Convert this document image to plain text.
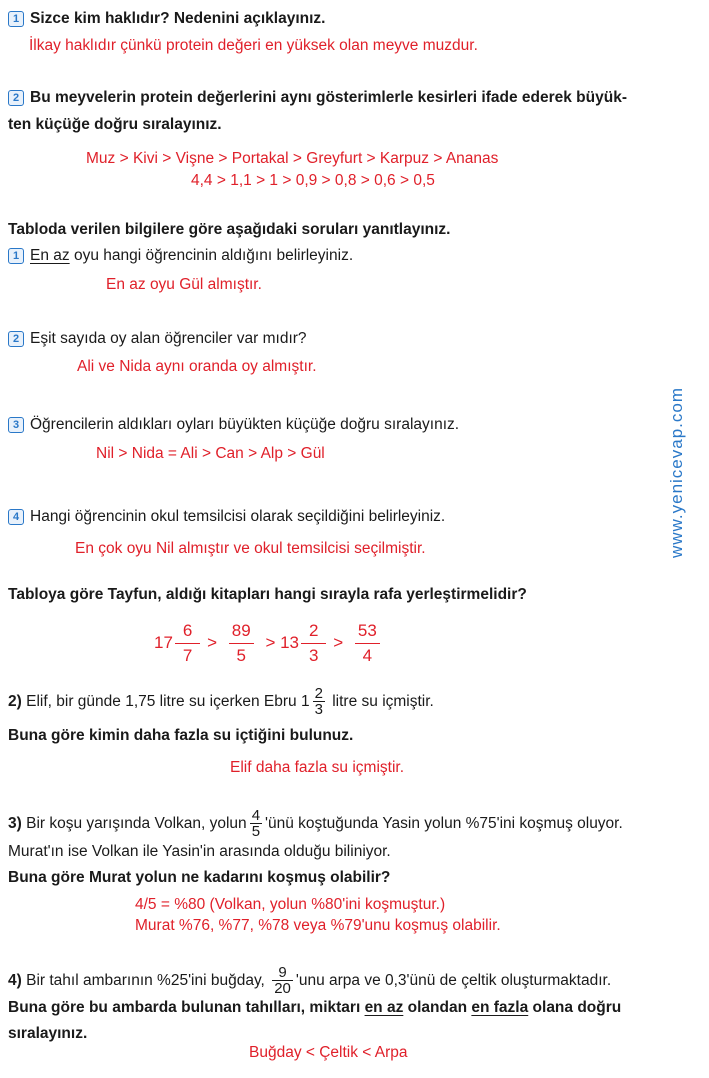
1 Sizce kim haklıdır? Nedenini açıklayınız.
İlkay haklıdır çünkü protein değeri en yüksek olan meyve muzdur.
2 Bu meyvelerin protein değerlerini aynı gösterimlerle kesirleri ifade ederek büyük-
ten küçüğe doğru sıralayınız.
Muz > Kivi > Vişne > Portakal > Greyfurt > Karpuz > Ananas
4,4 > 1,1 > 1 > 0,9 > 0,8 > 0,6 > 0,5
Tabloda verilen bilgilere göre aşağıdaki soruları yanıtlayınız.
1 En az oyu hangi öğrencinin aldığını belirleyiniz.
En az oyu Gül almıştır.
2 Eşit sayıda oy alan öğrenciler var mıdır?
Ali ve Nida aynı oranda oy almıştır.
3 Öğrencilerin aldıkları oyları büyükten küçüğe doğru sıralayınız.
Nil > Nida = Ali > Can > Alp > Gül
4 Hangi öğrencinin okul temsilcisi olarak seçildiğini belirleyiniz.
En çok oyu Nil almıştır ve okul temsilcisi seçilmiştir.
Tabloya göre Tayfun, aldığı kitapları hangi sırayla rafa yerleştirmelidir?
$17 \frac{6}{7} > \frac{89}{5} > 13 \frac{2}{3} > \frac{53}{4}$
2) Elif, bir günde 1,75 litre su içerken Ebru $1 \frac{2}{3}$ litre su içmiştir.
Buna göre kimin daha fazla su içtiğini bulunuz.
Elif daha fazla su içmiştir.
3) Bir koşu yarışında Volkan, yolun $\frac{4}{5}$ 'ünü koştuğunda Yasin yolun %75'ini koşmuş oluyor.
Murat'ın ise Volkan ile Yasin'in arasında olduğu biliniyor.
Buna göre Murat yolun ne kadarını koşmuş olabilir?
4/5 = %80 (Volkan, yolun %80'ini koşmuştur.)
Murat %76, %77, %78 veya %79'unu koşmuş olabilir.
4) Bir tahıl ambarının %25'ini buğday, $\frac{9}{20}$ 'unu arpa ve 0,3'ünü de çeltik oluşturmaktadır.
Buna göre bu ambarda bulunan tahılları, miktarı en az olandan en fazla olana doğru
sıralayınız.
Buğday < Çeltik < Arpa
www.yenicevap.com
